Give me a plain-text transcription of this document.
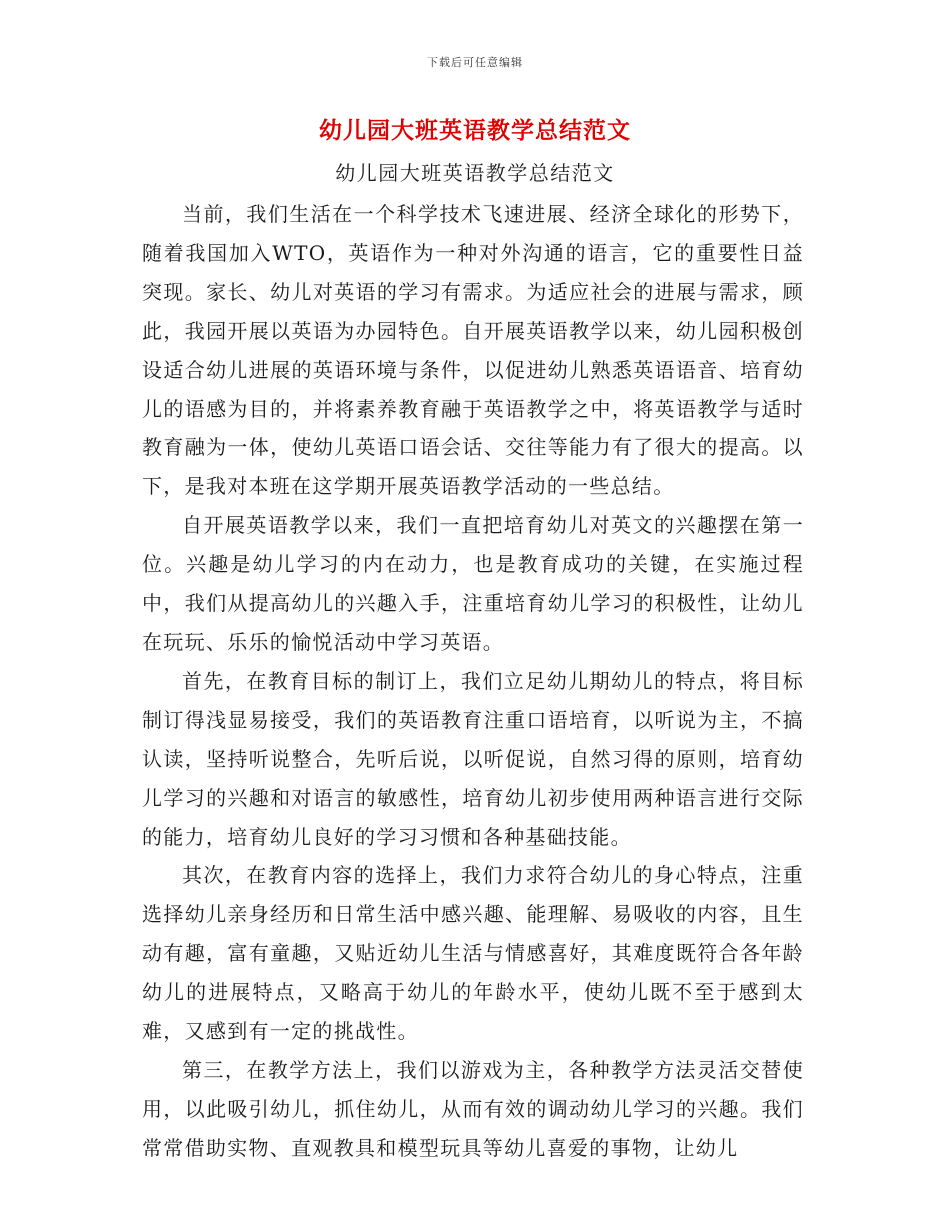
下载后可任意编辑
幼儿园大班英语教学总结范文
幼儿园大班英语教学总结范文

当前，我们生活在一个科学技术飞速进展、经济全球化的形势下，随着我国加入WTO，英语作为一种对外沟通的语言，它的重要性日益突现。家长、幼儿对英语的学习有需求。为适应社会的进展与需求，顾此，我园开展以英语为办园特色。自开展英语教学以来，幼儿园积极创设适合幼儿进展的英语环境与条件，以促进幼儿熟悉英语语音、培育幼儿的语感为目的，并将素养教育融于英语教学之中，将英语教学与适时教育融为一体，使幼儿英语口语会话、交往等能力有了很大的提高。以下，是我对本班在这学期开展英语教学活动的一些总结。

自开展英语教学以来，我们一直把培育幼儿对英文的兴趣摆在第一位。兴趣是幼儿学习的内在动力，也是教育成功的关键，在实施过程中，我们从提高幼儿的兴趣入手，注重培育幼儿学习的积极性，让幼儿在玩玩、乐乐的愉悦活动中学习英语。

首先，在教育目标的制订上，我们立足幼儿期幼儿的特点，将目标制订得浅显易接受，我们的英语教育注重口语培育，以听说为主，不搞认读，坚持听说整合，先听后说，以听促说，自然习得的原则，培育幼儿学习的兴趣和对语言的敏感性，培育幼儿初步使用两种语言进行交际的能力，培育幼儿良好的学习习惯和各种基础技能。

其次，在教育内容的选择上，我们力求符合幼儿的身心特点，注重选择幼儿亲身经历和日常生活中感兴趣、能理解、易吸收的内容，且生动有趣，富有童趣，又贴近幼儿生活与情感喜好，其难度既符合各年龄幼儿的进展特点，又略高于幼儿的年龄水平，使幼儿既不至于感到太难，又感到有一定的挑战性。

第三，在教学方法上，我们以游戏为主，各种教学方法灵活交替使用，以此吸引幼儿，抓住幼儿，从而有效的调动幼儿学习的兴趣。我们常常借助实物、直观教具和模型玩具等幼儿喜爱的事物，让幼儿
